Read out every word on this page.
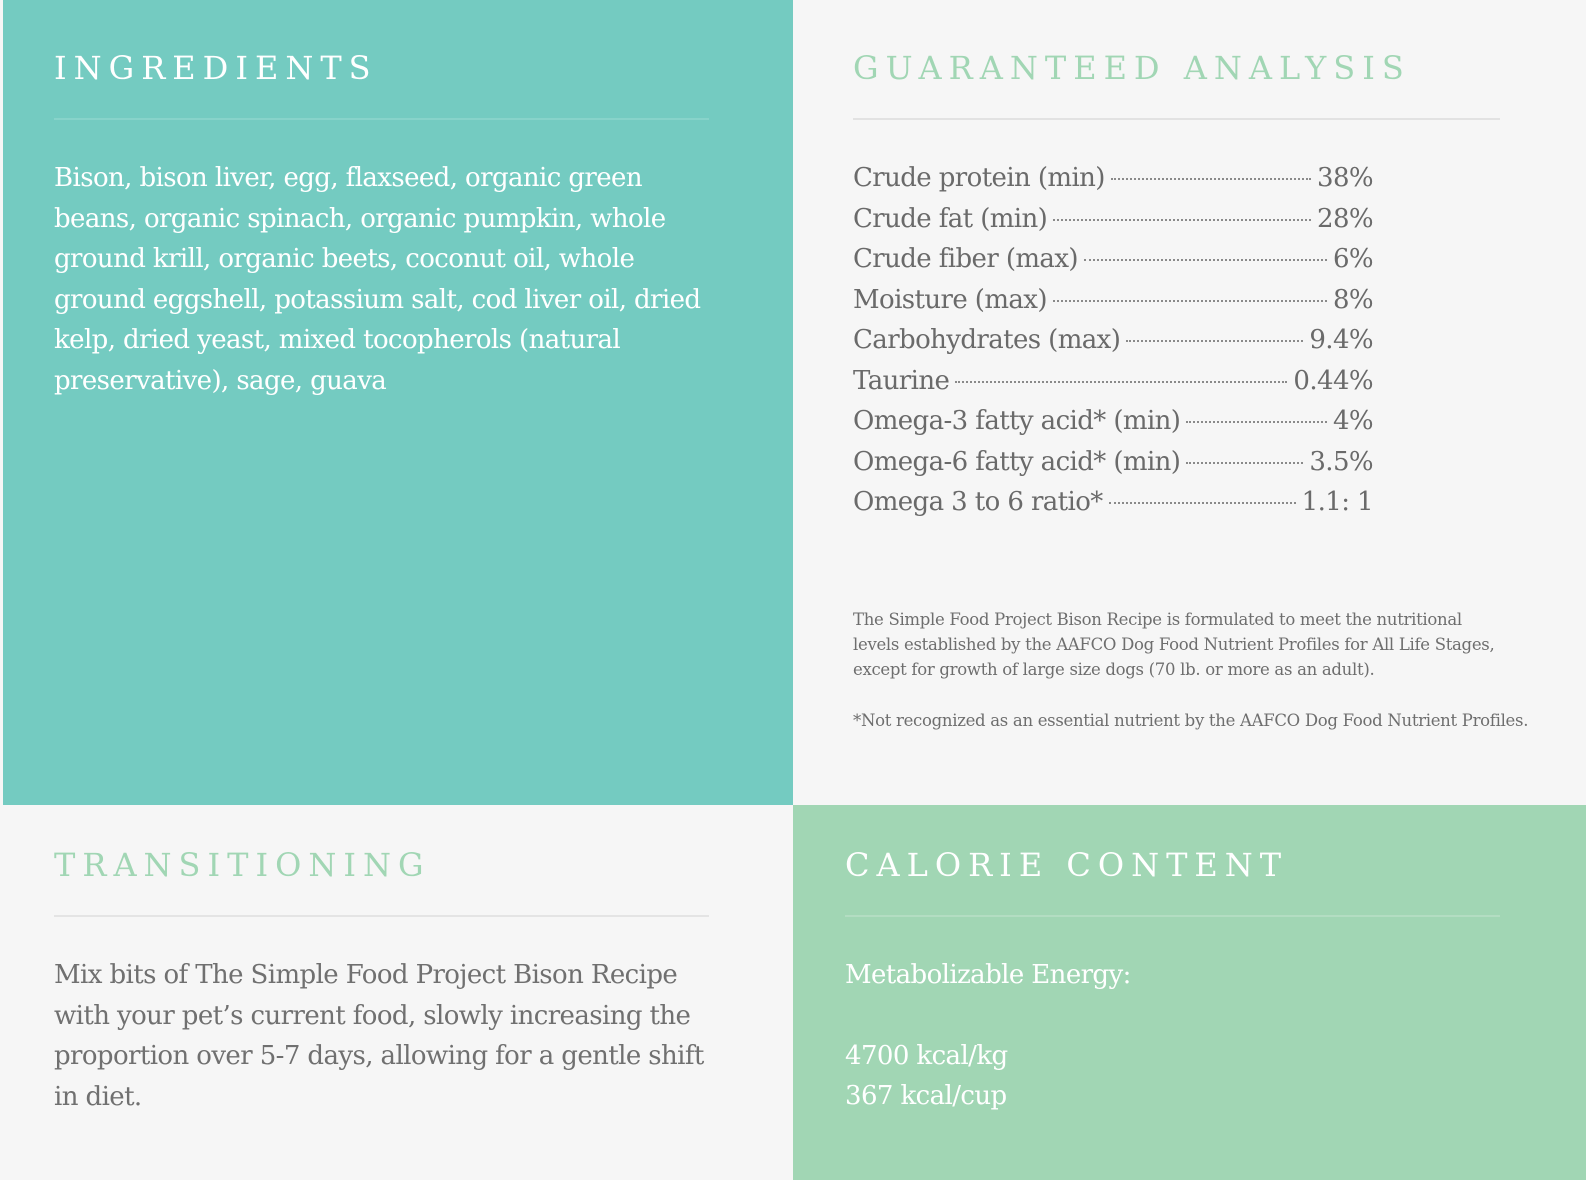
INGREDIENTS

Bison, bison liver, egg, flaxseed, organic green beans, organic spinach, organic pumpkin, whole ground krill, organic beets, coconut oil, whole ground eggshell, potassium salt, cod liver oil, dried kelp, dried yeast, mixed tocopherols (natural preservative), sage, guava

GUARANTEED ANALYSIS
Crude protein (min)	38%
Crude fat (min)	28%
Crude fiber (max)	6%
Moisture (max)	8%
Carbohydrates (max)	9.4%
Taurine	0.44%
Omega-3 fatty acid* (min)	4%
Omega-6 fatty acid* (min)	3.5%
Omega 3 to 6 ratio*	1.1: 1

The Simple Food Project Bison Recipe is formulated to meet the nutritional levels established by the AAFCO Dog Food Nutrient Profiles for All Life Stages, except for growth of large size dogs (70 lb. or more as an adult).

*Not recognized as an essential nutrient by the AAFCO Dog Food Nutrient Profiles.

TRANSITIONING

Mix bits of The Simple Food Project Bison Recipe with your pet’s current food, slowly increasing the proportion over 5-7 days, allowing for a gentle shift in diet.

CALORIE CONTENT

Metabolizable Energy:

4700 kcal/kg
367 kcal/cup
